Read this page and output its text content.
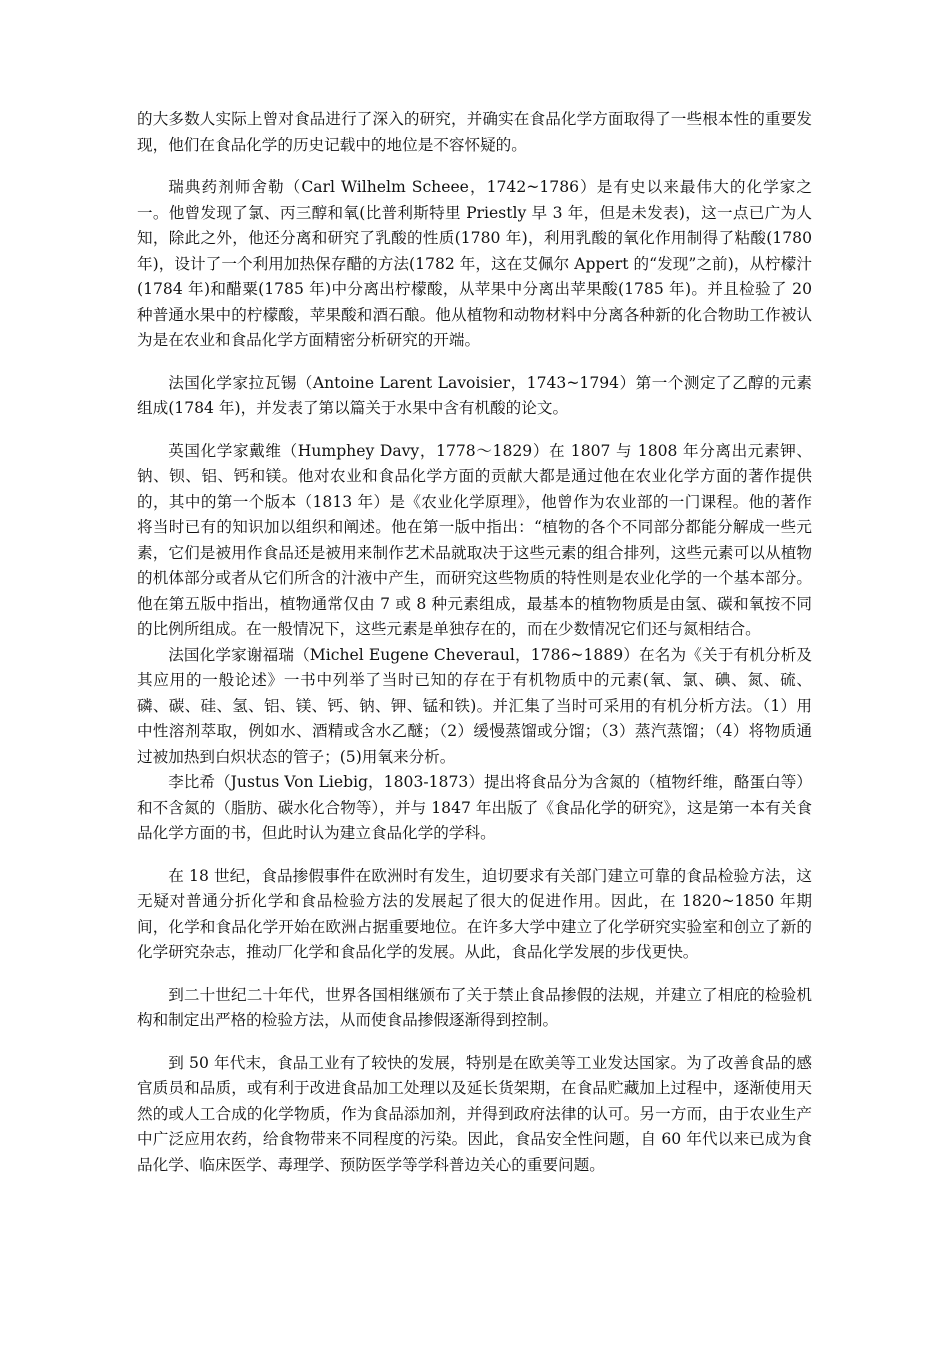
的大多数人实际上曾对食品进行了深入的研究，并确实在食品化学方面取得了一些根本性的重要发现，他们在食品化学的历史记载中的地位是不容怀疑的。

瑞典药剂师舍勒（Carl Wilhelm Scheee，1742~1786）是有史以来最伟大的化学家之一。他曾发现了氯、丙三醇和氧(比普利斯特里 Priestly 早 3 年，但是未发表)，这一点已广为人知，除此之外，他还分离和研究了乳酸的性质(1780 年)，利用乳酸的氧化作用制得了粘酸(1780 年)，设计了一个利用加热保存醋的方法(1782 年，这在艾佩尔 Appert 的“发现”之前)，从柠檬汁(1784 年)和醋粟(1785 年)中分离出柠檬酸，从苹果中分离出苹果酸(1785 年)。并且检验了 20 种普通水果中的柠檬酸，苹果酸和酒石酿。他从植物和动物材料中分离各种新的化合物助工作被认为是在农业和食品化学方面精密分析研究的开端。

法国化学家拉瓦锡（Antoine Larent Lavoisier，1743~1794）第一个测定了乙醇的元素组成(1784 年)，并发表了第以篇关于水果中含有机酸的论文。

英国化学家戴维（Humphey Davy，1778～1829）在 1807 与 1808 年分离出元素钾、钠、钡、铝、钙和镁。他对农业和食品化学方面的贡献大都是通过他在农业化学方面的著作提供的，其中的第一个版本（1813 年）是《农业化学原理》，他曾作为农业部的一门课程。他的著作将当时已有的知识加以组织和阐述。他在第一版中指出：“植物的各个不同部分都能分解成一些元素，它们是被用作食品还是被用来制作艺术品就取决于这些元素的组合排列，这些元素可以从植物的机体部分或者从它们所含的汁液中产生，而研究这些物质的特性则是农业化学的一个基本部分。他在第五版中指出，植物通常仅由 7 或 8 种元素组成，最基本的植物物质是由氢、碳和氧按不同的比例所组成。在一般情况下，这些元素是单独存在的，而在少数情况它们还与氮相结合。

法国化学家谢福瑞（Michel Eugene Cheveraul，1786~1889）在名为《关于有机分析及其应用的一般论述》一书中列举了当时已知的存在于有机物质中的元素(氧、氯、碘、氮、硫、磷、碳、硅、氢、铝、镁、钙、钠、钾、锰和铁)。并汇集了当时可采用的有机分析方法。（1）用中性溶剂萃取，例如水、酒精或含水乙醚；（2）缓慢蒸馏或分馏；（3）蒸汽蒸馏；（4）将物质通过被加热到白炽状态的管子；(5)用氧来分析。

李比希（Justus Von Liebig，1803-1873）提出将食品分为含氮的（植物纤维，酪蛋白等）和不含氮的（脂肪、碳水化合物等），并与 1847 年出版了《食品化学的研究》，这是第一本有关食品化学方面的书，但此时认为建立食品化学的学科。

在 18 世纪，食品掺假事件在欧洲时有发生，迫切要求有关部门建立可靠的食品检验方法，这无疑对普通分折化学和食品检验方法的发展起了很大的促进作用。因此，在 1820~1850 年期间，化学和食品化学开始在欧洲占据重要地位。在许多大学中建立了化学研究实验室和创立了新的化学研究杂志，推动厂化学和食品化学的发展。从此，食品化学发展的步伐更快。

到二十世纪二十年代，世界各国相继颁布了关于禁止食品掺假的法规，并建立了相庇的检验机构和制定出严格的检验方法，从而使食品掺假逐渐得到控制。

到 50 年代末，食品工业有了较快的发展，特别是在欧美等工业发达国家。为了改善食品的感官质员和品质，或有利于改进食品加工处理以及延长货架期，在食品贮藏加上过程中，逐渐使用天然的或人工合成的化学物质，作为食品添加剂，并得到政府法律的认可。另一方而，由于农业生产中广泛应用农药，给食物带来不同程度的污染。因此，食品安全性问题，自 60 年代以来已成为食品化学、临床医学、毒理学、预防医学等学科普边关心的重要问题。
